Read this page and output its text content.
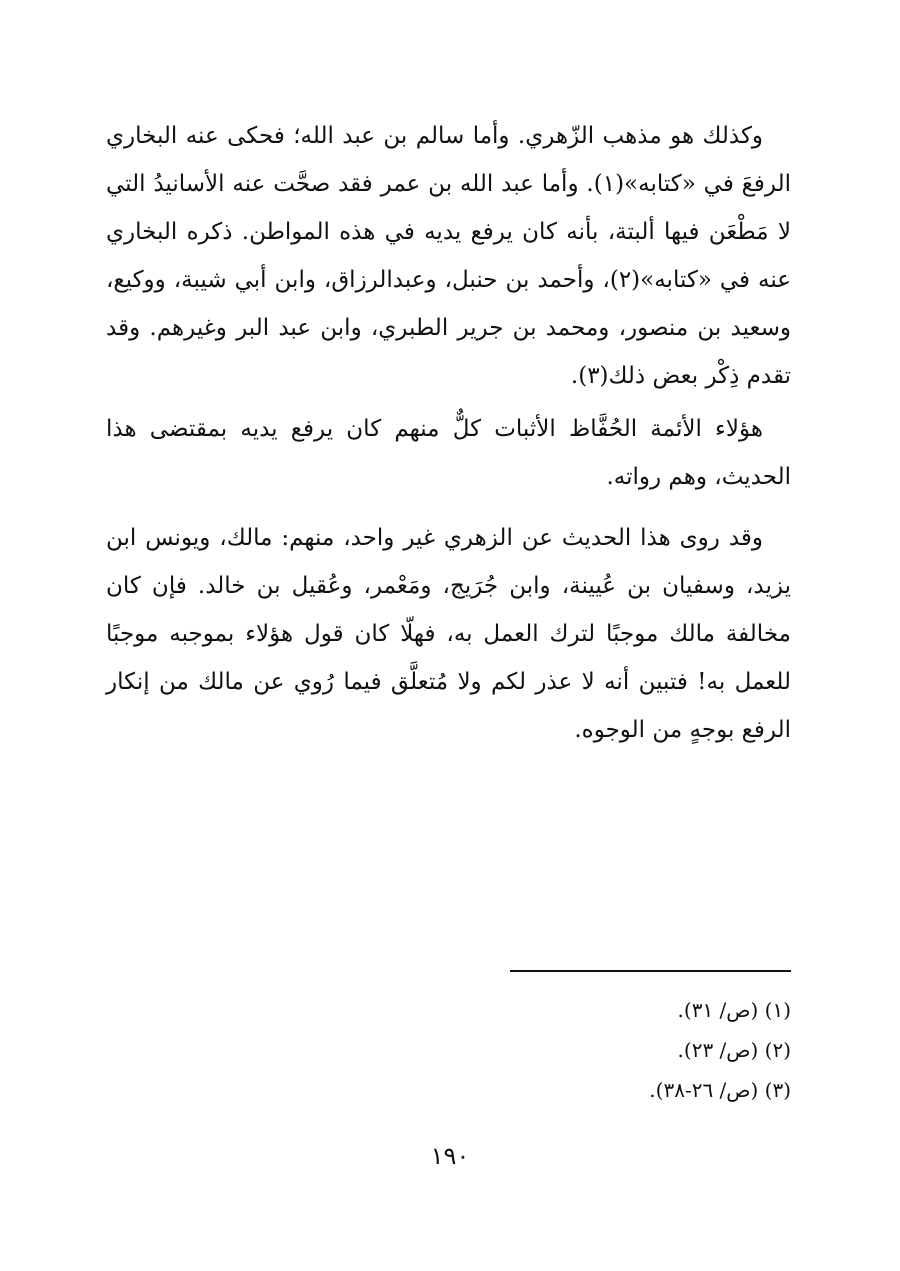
وكذلك هو مذهب الزّهري. وأما سالم بن عبد الله؛ فحكى عنه البخاري الرفعَ في «كتابه»(١). وأما عبد الله بن عمر فقد صحَّت عنه الأسانيدُ التي لا مَطْعَن فيها ألبتة، بأنه كان يرفع يديه في هذه المواطن. ذكره البخاري عنه في «كتابه»(٢)، وأحمد بن حنبل، وعبدالرزاق، وابن أبي شيبة، ووكيع، وسعيد بن منصور، ومحمد بن جرير الطبري، وابن عبد البر وغيرهم. وقد تقدم ذِكْر بعض ذلك(٣).

هؤلاء الأئمة الحُفَّاظ الأثبات كلٌّ منهم كان يرفع يديه بمقتضى هذا الحديث، وهم رواته.

وقد روى هذا الحديث عن الزهري غير واحد، منهم: مالك، ويونس ابن يزيد، وسفيان بن عُيينة، وابن جُرَيج، ومَعْمر، وعُقيل بن خالد. فإن كان مخالفة مالك موجبًا لترك العمل به، فهلّا كان قول هؤلاء بموجبه موجبًا للعمل به! فتبين أنه لا عذر لكم ولا مُتعلَّق فيما رُوي عن مالك من إنكار الرفع بوجهٍ من الوجوه.

(١) (ص/ ٣١).
(٢) (ص/ ٢٣).
(٣) (ص/ ٢٦-٣٨).
١٩٠
